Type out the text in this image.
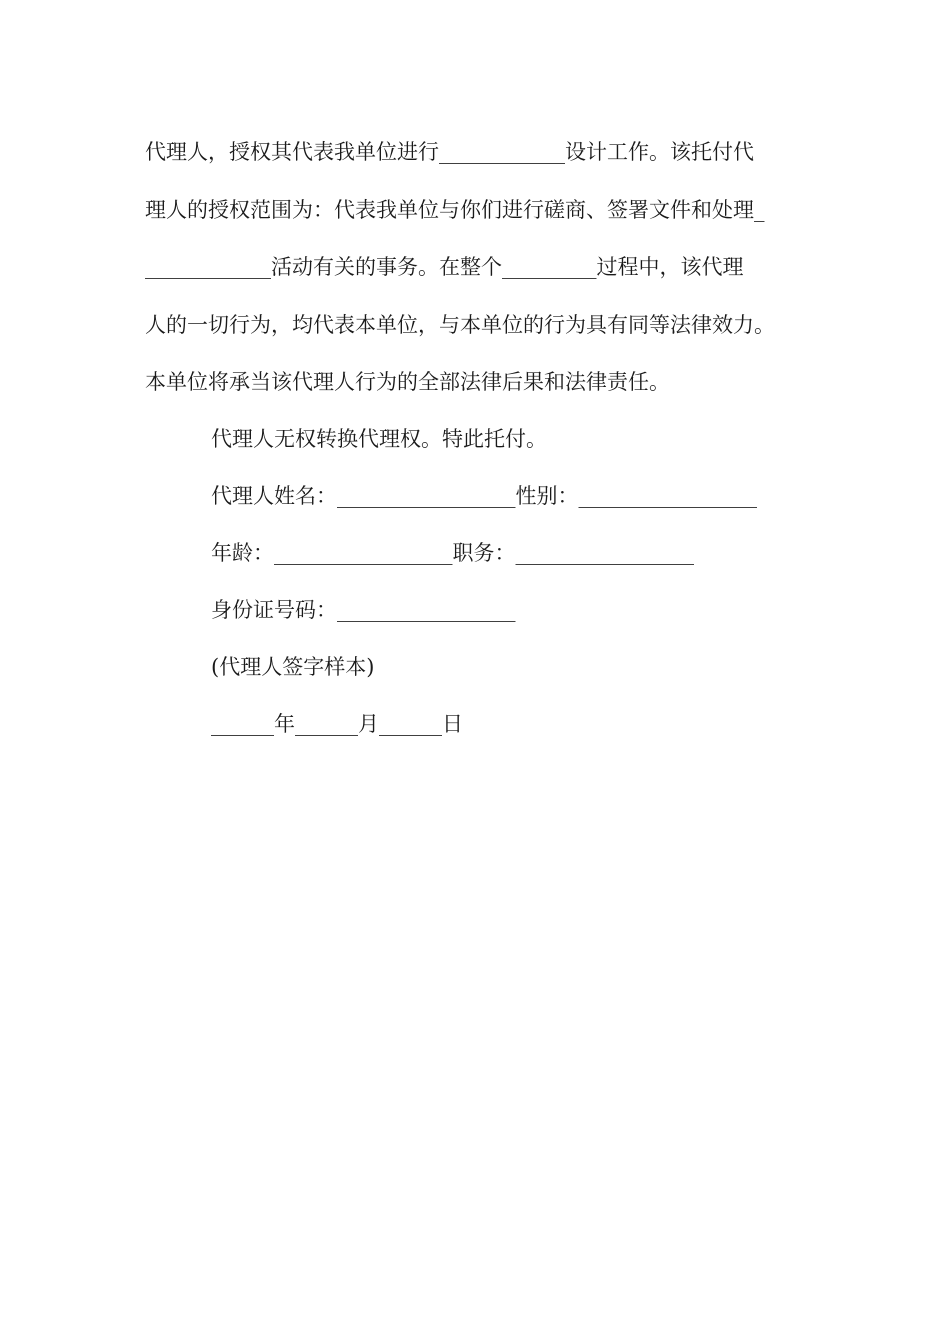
代理人，授权其代表我单位进行____________设计工作。该托付代
理人的授权范围为：代表我单位与你们进行磋商、签署文件和处理_
____________活动有关的事务。在整个_________过程中，该代理
人的一切行为，均代表本单位，与本单位的行为具有同等法律效力。
本单位将承当该代理人行为的全部法律后果和法律责任。
代理人无权转换代理权。特此托付。
代理人姓名：_________________性别：_________________
年龄：_________________职务：_________________
身份证号码：_________________
(代理人签字样本)
______年______月______日
